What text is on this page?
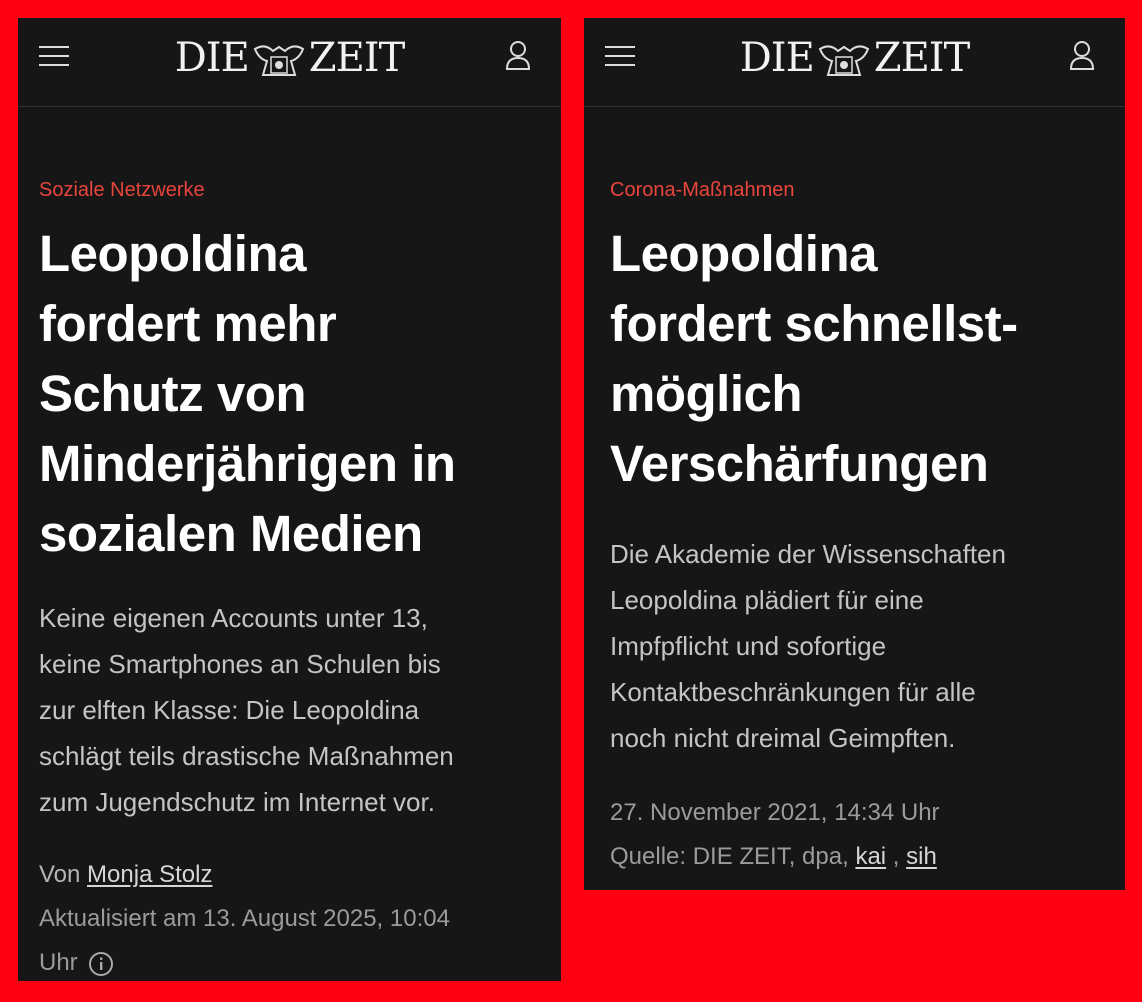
DIE ZEIT
Soziale Netzwerke
Leopoldina
fordert mehr
Schutz von
Minderjährigen in
sozialen Medien
Keine eigenen Accounts unter 13,
keine Smartphones an Schulen bis
zur elften Klasse: Die Leopoldina
schlägt teils drastische Maßnahmen
zum Jugendschutz im Internet vor.
Von Monja Stolz
Aktualisiert am 13. August 2025, 10:04
Uhr
DIE ZEIT
Corona-Maßnahmen
Leopoldina
fordert schnellst-
möglich
Verschärfungen
Die Akademie der Wissenschaften
Leopoldina plädiert für eine
Impfpflicht und sofortige
Kontaktbeschränkungen für alle
noch nicht dreimal Geimpften.
27. November 2021, 14:34 Uhr
Quelle: DIE ZEIT, dpa, kai , sih
